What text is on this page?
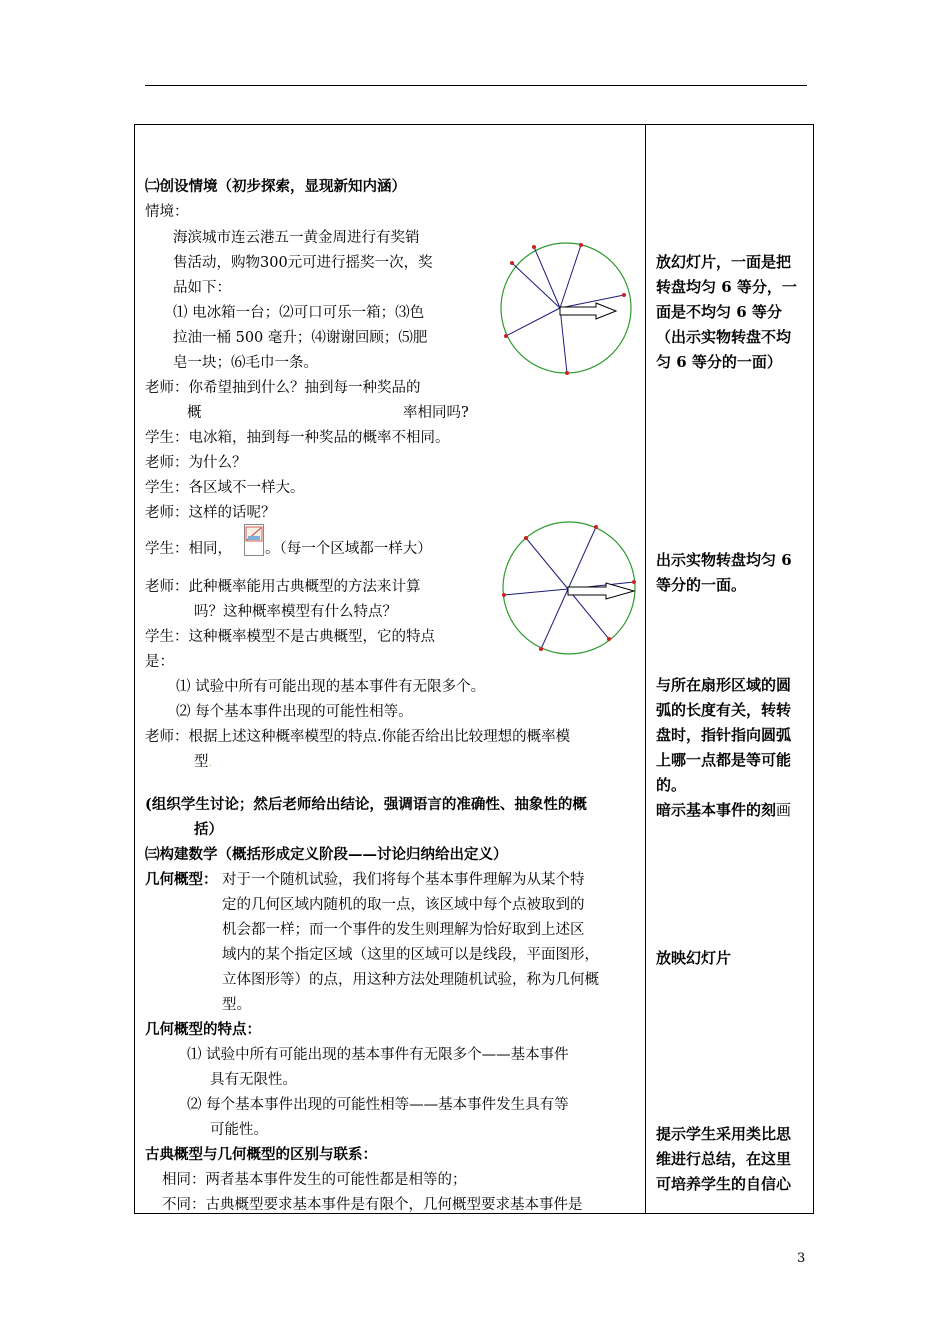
㈡创设情境（初步探索，显现新知内涵）
情境：
海滨城市连云港五一黄金周进行有奖销
售活动，购物300元可进行摇奖一次，奖
品如下：
⑴ 电冰箱一台；⑵可口可乐一箱；⑶色
拉油一桶 500 毫升；⑷谢谢回顾；⑸肥
皂一块；⑹毛巾一条。
老师：你希望抽到什么？抽到每一种奖品的
概	率相同吗?
学生：电冰箱，抽到每一种奖品的概率不相同。
老师：为什么？
学生：各区域不一样大。
老师：这样的话呢？
学生：相同， 。（每一个区域都一样大）
老师：此种概率能用古典概型的方法来计算
吗？这种概率模型有什么特点？
学生：这种概率模型不是古典概型，它的特点
是：
⑴ 试验中所有可能出现的基本事件有无限多个。
⑵ 每个基本事件出现的可能性相等。
老师：根据上述这种概率模型的特点.你能否给出比较理想的概率模
型.
(组织学生讨论；然后老师给出结论，强调语言的准确性、抽象性的概
括）
㈢构建数学（概括形成定义阶段——讨论归纳给出定义）
几何概型： 对于一个随机试验，我们将每个基本事件理解为从某个特
定的几何区域内随机的取一点，该区域中每个点被取到的
机会都一样；而一个事件的发生则理解为恰好取到上述区
域内的某个指定区域（这里的区域可以是线段，平面图形，
立体图形等）的点，用这种方法处理随机试验，称为几何概
型。
几何概型的特点：
⑴ 试验中所有可能出现的基本事件有无限多个——基本事件
具有无限性。
⑵ 每个基本事件出现的可能性相等——基本事件发生具有等
可能性。
古典概型与几何概型的区别与联系：
相同：两者基本事件发生的可能性都是相等的；
不同：古典概型要求基本事件是有限个，几何概型要求基本事件是
放幻灯片，一面是把
转盘均匀 6 等分，一
面是不均匀 6 等分
（出示实物转盘不均
匀 6 等分的一面）
出示实物转盘均匀 6
等分的一面。
与所在扇形区域的圆
弧的长度有关，转转
盘时，指针指向圆弧
上哪一点都是等可能
的。
暗示基本事件的刻画
放映幻灯片
提示学生采用类比思
维进行总结，在这里
可培养学生的自信心
3
